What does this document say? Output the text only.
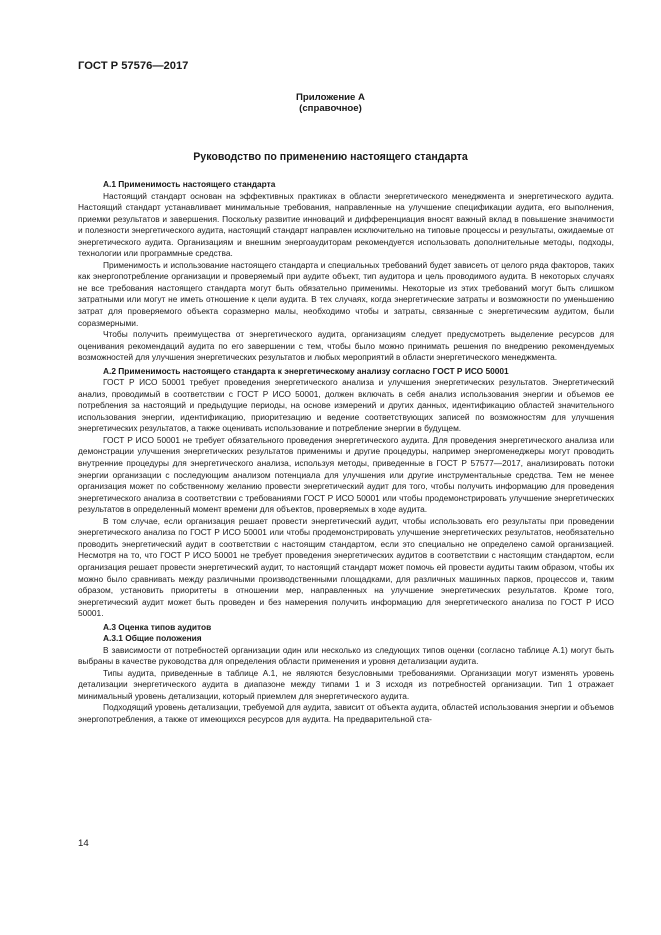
ГОСТ Р 57576—2017
Приложение А
(справочное)
Руководство по применению настоящего стандарта
А.1 Применимость настоящего стандарта

Настоящий стандарт основан на эффективных практиках в области энергетического менеджмента и энергетического аудита. Настоящий стандарт устанавливает минимальные требования, направленные на улучшение спецификации аудита, его выполнения, приемки результатов и завершения. Поскольку развитие инноваций и дифференциация вносят важный вклад в повышение значимости и полезности энергетического аудита, настоящий стандарт направлен исключительно на типовые процессы и результаты, ожидаемые от энергетического аудита. Организациям и внешним энергоаудиторам рекомендуется использовать дополнительные методы, подходы, технологии или программные средства.

Применимость и использование настоящего стандарта и специальных требований будет зависеть от целого ряда факторов, таких как энергопотребление организации и проверяемый при аудите объект, тип аудитора и цель проводимого аудита. В некоторых случаях не все требования настоящего стандарта могут быть обязательно применимы. Некоторые из этих требований могут быть слишком затратными или могут не иметь отношение к цели аудита. В тех случаях, когда энергетические затраты и возможности по уменьшению затрат для проверяемого объекта соразмерно малы, необходимо чтобы и затраты, связанные с энергетическим аудитом, были соразмерными.

Чтобы получить преимущества от энергетического аудита, организациям следует предусмотреть выделение ресурсов для оценивания рекомендаций аудита по его завершении с тем, чтобы было можно принимать решения по внедрению рекомендуемых возможностей для улучшения энергетических результатов и любых мероприятий в области энергетического менеджмента.

А.2 Применимость настоящего стандарта к энергетическому анализу согласно ГОСТ Р ИСО 50001

ГОСТ Р ИСО 50001 требует проведения энергетического анализа и улучшения энергетических результатов. Энергетический анализ, проводимый в соответствии с ГОСТ Р ИСО 50001, должен включать в себя анализ использования энергии и объемов ее потребления за настоящий и предыдущие периоды, на основе измерений и других данных, идентификацию областей значительного использования энергии, идентификацию, приоритезацию и ведение соответствующих записей по возможностям для улучшения энергетических результатов, а также оценивать использование и потребление энергии в будущем.

ГОСТ Р ИСО 50001 не требует обязательного проведения энергетического аудита. Для проведения энергетического анализа или демонстрации улучшения энергетических результатов применимы и другие процедуры, например энергоменеджеры могут проводить внутренние процедуры для энергетического анализа, используя методы, приведенные в ГОСТ Р 57577—2017, анализировать потоки энергии организации с последующим анализом потенциала для улучшения или другие инструментальные средства. Тем не менее организация может по собственному желанию провести энергетический аудит для того, чтобы получить информацию для проведения энергетического анализа в соответствии с требованиями ГОСТ Р ИСО 50001 или чтобы продемонстрировать улучшение энергетических результатов в определенный момент времени для объектов, проверяемых в ходе аудита.

В том случае, если организация решает провести энергетический аудит, чтобы использовать его результаты при проведении энергетического анализа по ГОСТ Р ИСО 50001 или чтобы продемонстрировать улучшение энергетических результатов, необязательно проводить энергетический аудит в соответствии с настоящим стандартом, если это специально не определено самой организацией. Несмотря на то, что ГОСТ Р ИСО 50001 не требует проведения энергетических аудитов в соответствии с настоящим стандартом, если организация решает провести энергетический аудит, то настоящий стандарт может помочь ей провести аудиты таким образом, чтобы их можно было сравнивать между различными производственными площадками, для различных машинных парков, процессов и, таким образом, установить приоритеты в отношении мер, направленных на улучшение энергетических результатов. Кроме того, энергетический аудит может быть проведен и без намерения получить информацию для энергетического анализа по ГОСТ Р ИСО 50001.

А.3 Оценка типов аудитов
А.3.1 Общие положения

В зависимости от потребностей организации один или несколько из следующих типов оценки (согласно таблице А.1) могут быть выбраны в качестве руководства для определения области применения и уровня детализации аудита.

Типы аудита, приведенные в таблице А.1, не являются безусловными требованиями. Организации могут изменять уровень детализации энергетического аудита в диапазоне между типами 1 и 3 исходя из потребностей организации. Тип 1 отражает минимальный уровень детализации, который приемлем для энергетического аудита.

Подходящий уровень детализации, требуемой для аудита, зависит от объекта аудита, областей использования энергии и объемов энергопотребления, а также от имеющихся ресурсов для аудита. На предварительной ста-

14
